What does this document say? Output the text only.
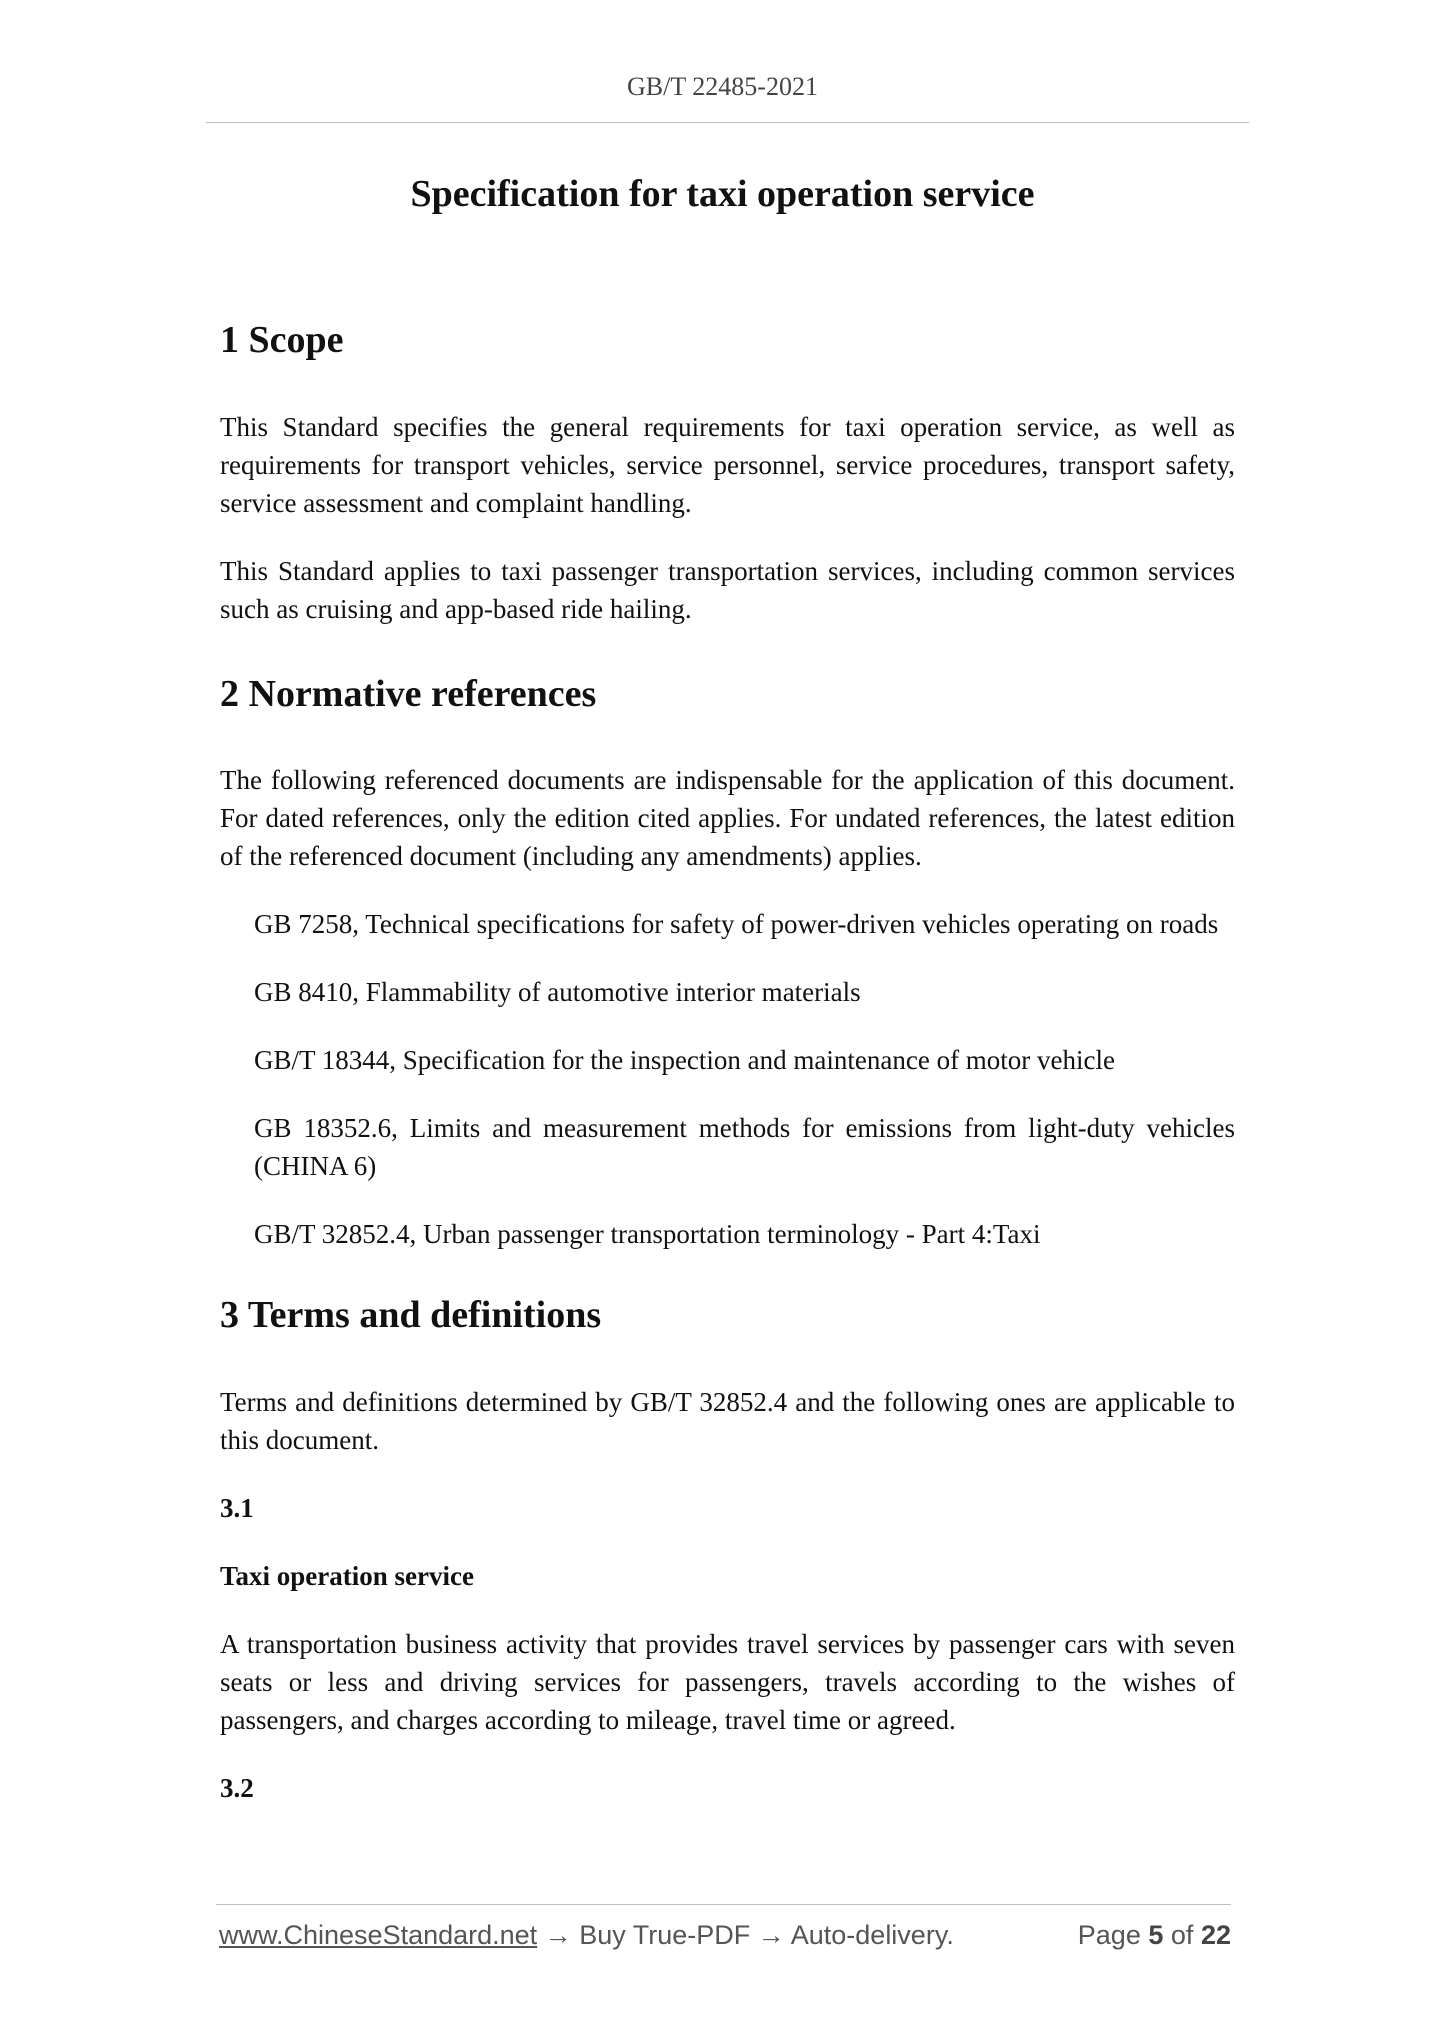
GB/T 22485-2021
Specification for taxi operation service
1 Scope

This Standard specifies the general requirements for taxi operation service, as well as requirements for transport vehicles, service personnel, service procedures, transport safety, service assessment and complaint handling.

This Standard applies to taxi passenger transportation services, including common services such as cruising and app-based ride hailing.

2 Normative references

The following referenced documents are indispensable for the application of this document. For dated references, only the edition cited applies. For undated references, the latest edition of the referenced document (including any amendments) applies.

GB 7258, Technical specifications for safety of power-driven vehicles operating on roads

GB 8410, Flammability of automotive interior materials

GB/T 18344, Specification for the inspection and maintenance of motor vehicle

GB 18352.6, Limits and measurement methods for emissions from light-duty vehicles (CHINA 6)

GB/T 32852.4, Urban passenger transportation terminology - Part 4:Taxi

3 Terms and definitions

Terms and definitions determined by GB/T 32852.4 and the following ones are applicable to this document.

3.1

Taxi operation service

A transportation business activity that provides travel services by passenger cars with seven seats or less and driving services for passengers, travels according to the wishes of passengers, and charges according to mileage, travel time or agreed.

3.2

www.ChineseStandard.net → Buy True-PDF → Auto-delivery.	Page 5 of 22
